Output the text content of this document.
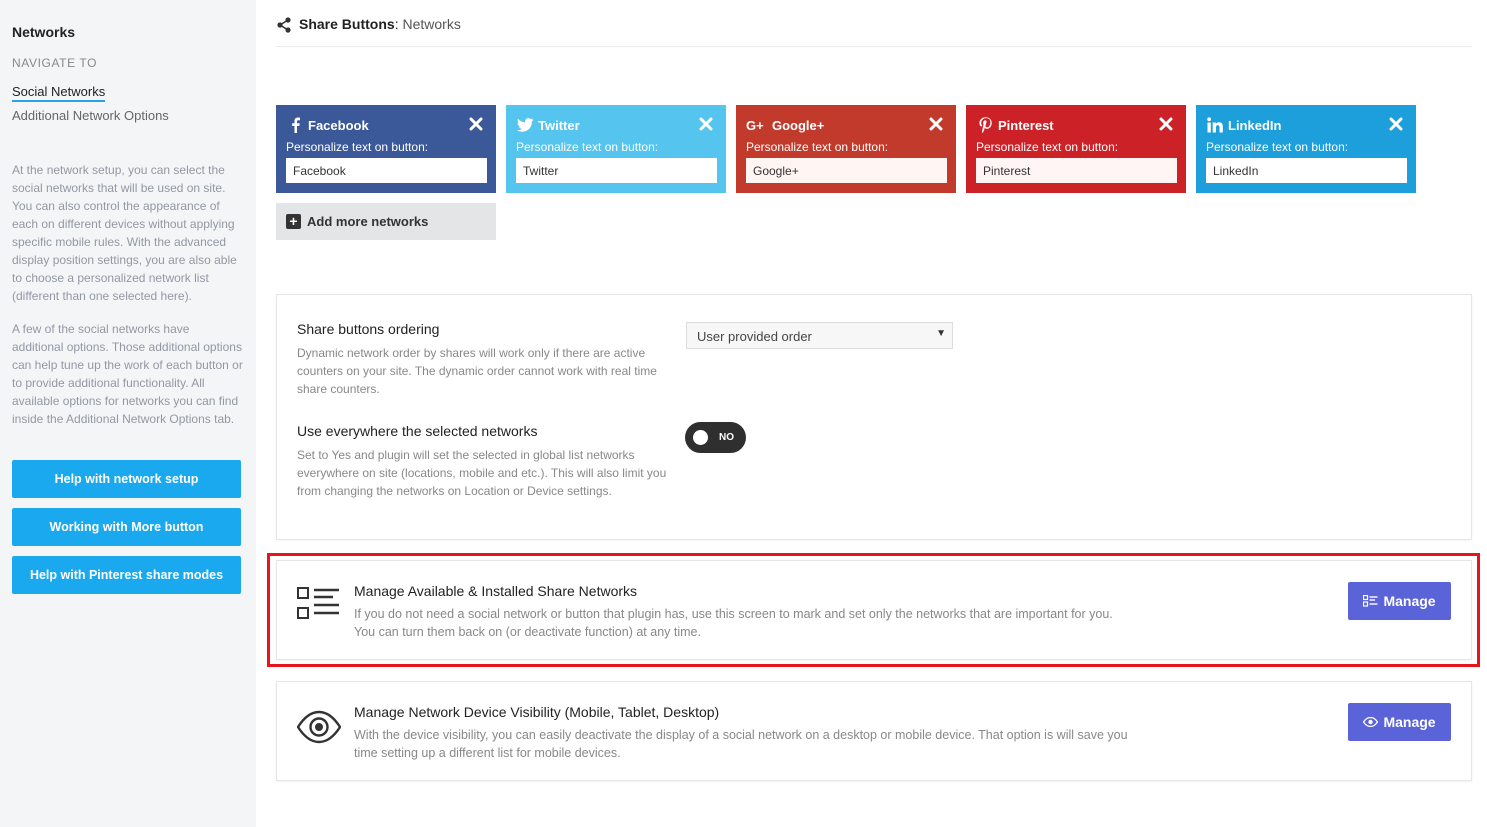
Networks
NAVIGATE TO
Social Networks
Additional Network Options
At the network setup, you can select the social networks that will be used on site. You can also control the appearance of each on different devices without applying specific mobile rules. With the advanced display position settings, you are also able to choose a personalized network list (different than one selected here).
A few of the social networks have additional options. Those additional options can help tune up the work of each button or to provide additional functionality. All available options for networks you can find inside the Additional Network Options tab.
Help with network setup
Working with More button
Help with Pinterest share modes
Share Buttons: Networks
Facebook
Personalize text on button:
Facebook
Twitter
Personalize text on button:
Twitter
G+ Google+
Personalize text on button:
Google+
Pinterest
Personalize text on button:
Pinterest
LinkedIn
Personalize text on button:
LinkedIn
+ Add more networks
Share buttons ordering
Dynamic network order by shares will work only if there are active counters on your site. The dynamic order cannot work with real time share counters.
User provided order	▼
Use everywhere the selected networks
Set to Yes and plugin will set the selected in global list networks everywhere on site (locations, mobile and etc.). This will also limit you from changing the networks on Location or Device settings.
NO
Manage Available & Installed Share Networks
If you do not need a social network or button that plugin has, use this screen to mark and set only the networks that are important for you. You can turn them back on (or deactivate function) at any time.
Manage
Manage Network Device Visibility (Mobile, Tablet, Desktop)
With the device visibility, you can easily deactivate the display of a social network on a desktop or mobile device. That option is will save you time setting up a different list for mobile devices.
Manage
